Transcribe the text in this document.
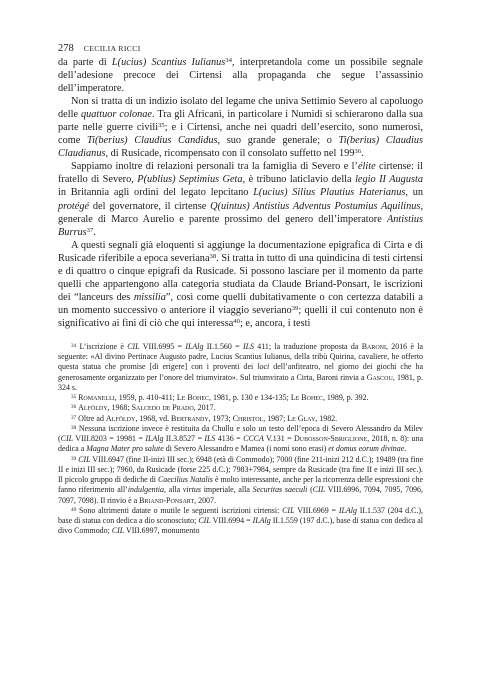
278 CECILIA RICCI

da parte di L(ucius) Scantius Iulianus$^{34}$, interpretandola come un possibile segnale dell’adesione precoce dei Cirtensi alla propaganda che segue l’assassinio dell’imperatore.

Non si tratta di un indizio isolato del legame che univa Settimio Severo al capoluogo delle quattuor colonae. Tra gli Africani, in particolare i Numidi si schierarono dalla sua parte nelle guerre civili$^{35}$; e i Cirtensi, anche nei quadri dell’esercito, sono numerosi, come Ti(berius) Claudius Candidus, suo grande generale; o Ti(berius) Claudius Claudianus, di Rusicade, ricompensato con il consolato suffetto nel $199^{36}$.

Sappiamo inoltre di relazioni personali tra la famiglia di Severo e l’élite cirtense: il fratello di Severo, P(ublius) Septimius Geta, è tribuno laticlavio della legio II Augusta in Britannia agli ordini del legato lepcitano L(ucius) Silius Plautius Haterianus, un protégé del governatore, il cirtense Q(uintus) Antistius Adventus Postumius Aquilinus, generale di Marco Aurelio e parente prossimo del genero dell’imperatore Antistius Burrus$^{37}$.

A questi segnali già eloquenti si aggiunge la documentazione epigrafica di Cirta e di Rusicade riferibile a epoca severiana$^{38}$. Si tratta in tutto di una quindicina di testi cirtensi e di quattro o cinque epigrafi da Rusicade. Si possono lasciare per il momento da parte quelli che appartengono alla categoria studiata da Claude Briand-Ponsart, le iscrizioni dei “lanceurs des missilia”, così come quelli dubitativamente o con certezza databili a un momento successivo o anteriore il viaggio severiano$^{39}$; quelli il cui contenuto non è significativo ai fini di ciò che qui interessa$^{40}$; e, ancora, i testi

$^{34}$ L’iscrizione è CIL VIII.6995 = ILAlg II.1.560 = ILS 411; la traduzione proposta da Baroni, 2016 è la seguente: «Al divino Pertinace Augusto padre, Lucius Scantius Iulianus, della tribù Quirina, cavaliere, he offerto questa statua che promise [di erigere] con i proventi dei loci dell’anfiteatro, nel giorno dei giochi che ha generosamente organizzato per l’onore del triumvirato». Sul triumvirato a Cirta, Baroni rinvia a Gascou, 1981, p. 324 s.

$^{35}$ Romanelli, 1959, p. 410-411; Le Bohec, 1981, p. 130 e 134-135; Le Bohec, 1989, p. 392.

$^{36}$ Alföldy, 1968; Salcedo de Prado, 2017.

$^{37}$ Oltre ad Alföldy, 1968, vd. Bertrandy, 1973; Christol, 1987; Le Glay, 1982.

$^{38}$ Nessuna iscrizione invece è restituita da Chullu e solo un testo dell’epoca di Severo Alessandro da Milev (CIL VIII.8203 = 19981 = ILAlg II.3.8527 = ILS 4136 = CCCA V.131 = Dubosson-Sbriglione, 2018, n. 8): una dedica a Magna Mater pro salute di Severo Alessandro e Mamea (i nomi sono erasi) et domus eorum divinae.

$^{39}$ CIL VIII.6947 (fine II-inizi III sec.); 6948 (età di Commodo); 7000 (fine 211-inizi 212 d.C.); 19489 (tra fine II e inizi III sec.); 7960, da Rusicade (forse 225 d.C.); 7983+7984, sempre da Rusicade (tra fine II e inizi III sec.). Il piccolo gruppo di dediche di Caecilius Natalis è molto interessante, anche per la ricorrenza delle espressioni che fanno riferimento all’indulgentia, alla virtus imperiale, alla Securitas saeculi (CIL VIII.6996, 7094, 7095, 7096, 7097, 7098). Il rinvio è a Briand-Ponsart, 2007.

$^{40}$ Sono altrimenti datate o mutile le seguenti iscrizioni cirtensi: CIL VIII.6969 = ILAlg II.1.537 (204 d.C.), base di statua con dedica a dio sconosciuto; CIL VIII.6994 = ILAlg II.1.559 (197 d.C.), base di statua con dedica al divo Commodo; CIL VIII.6997, monumento
